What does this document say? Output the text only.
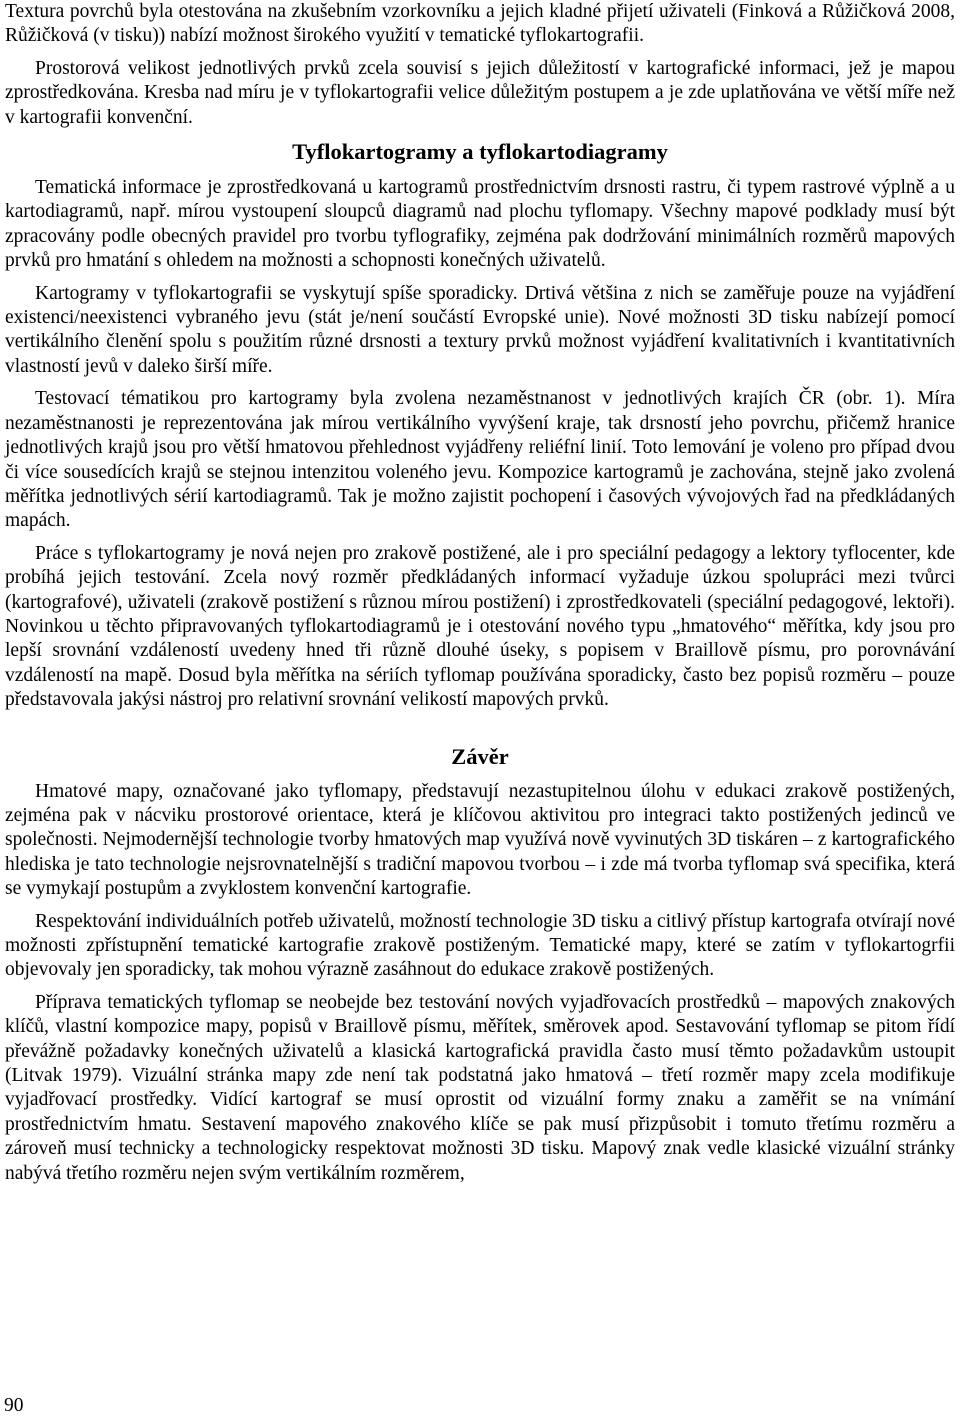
Textura povrchů byla otestována na zkušebním vzorkovníku a jejich kladné přijetí uživateli (Finková a Růžičková 2008, Růžičková (v tisku)) nabízí možnost širokého využití v tematické tyflokartografii.

Prostorová velikost jednotlivých prvků zcela souvisí s jejich důležitostí v kartografické informaci, jež je mapou zprostředkována. Kresba nad míru je v tyflokartografii velice důležitým postupem a je zde uplatňována ve větší míře než v kartografii konvenční.

Tyflokartogramy a tyflokartodiagramy

Tematická informace je zprostředkovaná u kartogramů prostřednictvím drsnosti rastru, či typem rastrové výplně a u kartodiagramů, např. mírou vystoupení sloupců diagramů nad plochu tyflomapy. Všechny mapové podklady musí být zpracovány podle obecných pravidel pro tvorbu tyflografiky, zejména pak dodržování minimálních rozměrů mapových prvků pro hmatání s ohledem na možnosti a schopnosti konečných uživatelů.

Kartogramy v tyflokartografii se vyskytují spíše sporadicky. Drtivá většina z nich se zaměřuje pouze na vyjádření existenci/neexistenci vybraného jevu (stát je/není součástí Evropské unie). Nové možnosti 3D tisku nabízejí pomocí vertikálního členění spolu s použitím různé drsnosti a textury prvků možnost vyjádření kvalitativních i kvantitativních vlastností jevů v daleko širší míře.

Testovací tématikou pro kartogramy byla zvolena nezaměstnanost v jednotlivých krajích ČR (obr. 1). Míra nezaměstnanosti je reprezentována jak mírou vertikálního vyvýšení kraje, tak drsností jeho povrchu, přičemž hranice jednotlivých krajů jsou pro větší hmatovou přehlednost vyjádřeny reliéfní linií. Toto lemování je voleno pro případ dvou či více sousedících krajů se stejnou intenzitou voleného jevu. Kompozice kartogramů je zachována, stejně jako zvolená měřítka jednotlivých sérií kartodiagramů. Tak je možno zajistit pochopení i časových vývojových řad na předkládaných mapách.

Práce s tyflokartogramy je nová nejen pro zrakově postižené, ale i pro speciální pedagogy a lektory tyflocenter, kde probíhá jejich testování. Zcela nový rozměr předkládaných informací vyžaduje úzkou spolupráci mezi tvůrci (kartografové), uživateli (zrakově postižení s různou mírou postižení) i zprostředkovateli (speciální pedagogové, lektoři). Novinkou u těchto připravovaných tyflokartodiagramů je i otestování nového typu „hmatového“ měřítka, kdy jsou pro lepší srovnání vzdáleností uvedeny hned tři různě dlouhé úseky, s popisem v Braillově písmu, pro porovnávání vzdáleností na mapě. Dosud byla měřítka na sériích tyflomap používána sporadicky, často bez popisů rozměru – pouze představovala jakýsi nástroj pro relativní srovnání velikostí mapových prvků.

Závěr

Hmatové mapy, označované jako tyflomapy, představují nezastupitelnou úlohu v edukaci zrakově postižených, zejména pak v nácviku prostorové orientace, která je klíčovou aktivitou pro integraci takto postižených jedinců ve společnosti. Nejmodernější technologie tvorby hmatových map využívá nově vyvinutých 3D tiskáren – z kartografického hlediska je tato technologie nejsrovnatelnější s tradiční mapovou tvorbou – i zde má tvorba tyflomap svá specifika, která se vymykají postupům a zvyklostem konvenční kartografie.

Respektování individuálních potřeb uživatelů, možností technologie 3D tisku a citlivý přístup kartografa otvírají nové možnosti zpřístupnění tematické kartografie zrakově postiženým. Tematické mapy, které se zatím v tyflokartogrfii objevovaly jen sporadicky, tak mohou výrazně zasáhnout do edukace zrakově postižených.

Příprava tematických tyflomap se neobejde bez testování nových vyjadřovacích prostředků – mapových znakových klíčů, vlastní kompozice mapy, popisů v Braillově písmu, měřítek, směrovek apod. Sestavování tyflomap se pitom řídí převážně požadavky konečných uživatelů a klasická kartografická pravidla často musí těmto požadavkům ustoupit (Litvak 1979). Vizuální stránka mapy zde není tak podstatná jako hmatová – třetí rozměr mapy zcela modifikuje vyjadřovací prostředky. Vidící kartograf se musí oprostit od vizuální formy znaku a zaměřit se na vnímání prostřednictvím hmatu. Sestavení mapového znakového klíče se pak musí přizpůsobit i tomuto třetímu rozměru a zároveň musí technicky a technologicky respektovat možnosti 3D tisku. Mapový znak vedle klasické vizuální stránky nabývá třetího rozměru nejen svým vertikálním rozměrem,

90
